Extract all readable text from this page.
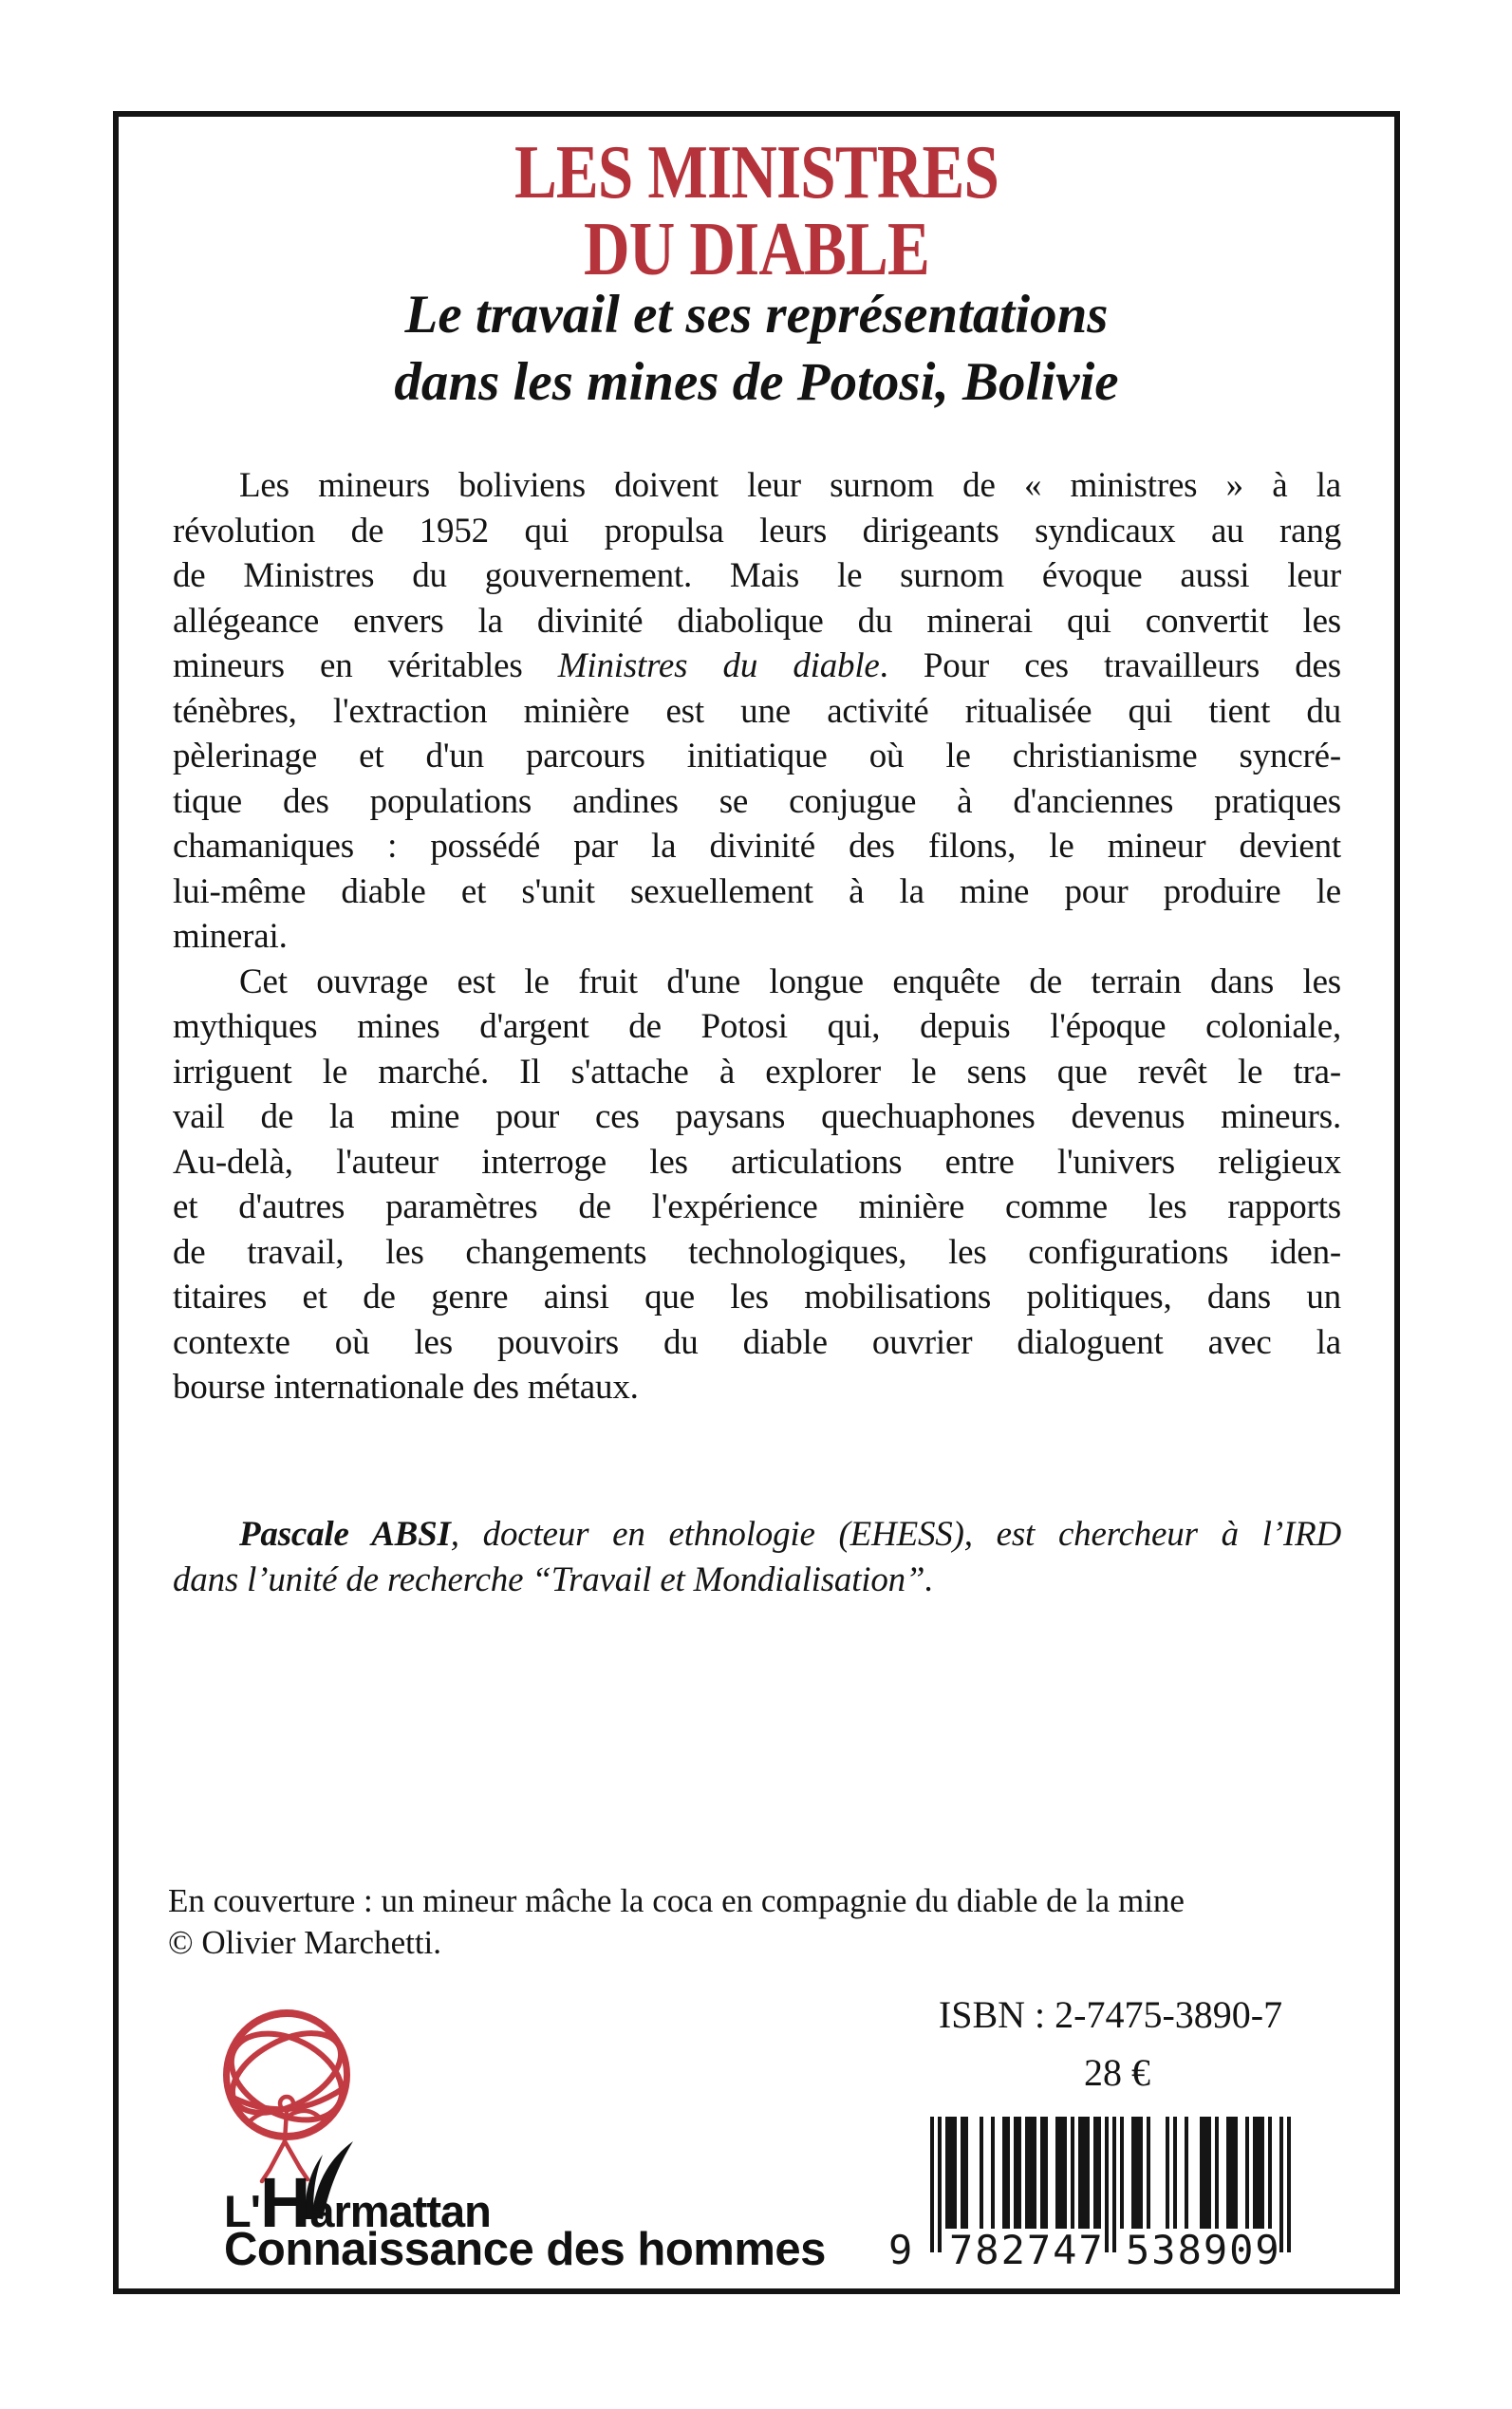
LES MINISTRES
DU DIABLE
Le travail et ses représentations
dans les mines de Potosi, Bolivie
Les mineurs boliviens doivent leur surnom de « ministres » à la
révolution de 1952 qui propulsa leurs dirigeants syndicaux au rang
de Ministres du gouvernement. Mais le surnom évoque aussi leur
allégeance envers la divinité diabolique du minerai qui convertit les
mineurs en véritables Ministres du diable. Pour ces travailleurs des
ténèbres, l'extraction minière est une activité ritualisée qui tient du
pèlerinage et d'un parcours initiatique où le christianisme syncré-
tique des populations andines se conjugue à d'anciennes pratiques
chamaniques : possédé par la divinité des filons, le mineur devient
lui-même diable et s'unit sexuellement à la mine pour produire le
minerai.
Cet ouvrage est le fruit d'une longue enquête de terrain dans les
mythiques mines d'argent de Potosi qui, depuis l'époque coloniale,
irriguent le marché. Il s'attache à explorer le sens que revêt le tra-
vail de la mine pour ces paysans quechuaphones devenus mineurs.
Au-delà, l'auteur interroge les articulations entre l'univers religieux
et d'autres paramètres de l'expérience minière comme les rapports
de travail, les changements technologiques, les configurations iden-
titaires et de genre ainsi que les mobilisations politiques, dans un
contexte où les pouvoirs du diable ouvrier dialoguent avec la
bourse internationale des métaux.
Pascale ABSI, docteur en ethnologie (EHESS), est chercheur à l’IRD
dans l’unité de recherche “Travail et Mondialisation”.
En couverture : un mineur mâche la coca en compagnie du diable de la mine
© Olivier Marchetti.
ISBN : 2-7475-3890-7
28 €
9 782747 538909
L'Harmattan
Connaissance des hommes
